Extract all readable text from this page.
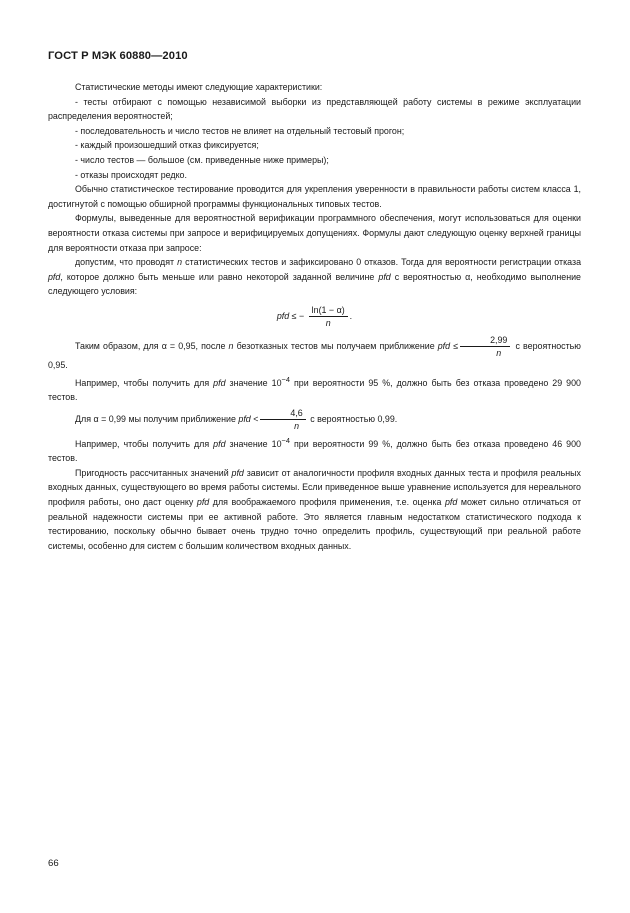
ГОСТ Р МЭК 60880—2010

Статистические методы имеют следующие характеристики:

- тесты отбирают с помощью независимой выборки из представляющей работу системы в режиме эксплуатации распределения вероятностей;

- последовательность и число тестов не влияет на отдельный тестовый прогон;

- каждый произошедший отказ фиксируется;

- число тестов — большое (см. приведенные ниже примеры);

- отказы происходят редко.

Обычно статистическое тестирование проводится для укрепления уверенности в правильности работы систем класса 1, достигнутой с помощью обширной программы функциональных типовых тестов.

Формулы, выведенные для вероятностной верификации программного обеспечения, могут использоваться для оценки вероятности отказа системы при запросе и верифицируемых допущениях. Формулы дают следующую оценку верхней границы для вероятности отказа при запросе:

допустим, что проводят n статистических тестов и зафиксировано 0 отказов. Тогда для вероятности регистрации отказа pfd, которое должно быть меньше или равно некоторой заданной величине pfd с вероятностью α, необходимо выполнение следующего условия:

pfd ≤ − $\frac{\ln(1 - \alpha)}{n}$ .

Таким образом, для α = 0,95, после n безотказных тестов мы получаем приближение pfd ≤ $\frac{2,99}{n}$ с вероятностью 0,95.

Например, чтобы получить для pfd значение $10^{-4}$ при вероятности 95 %, должно быть без отказа проведено 29 900 тестов.

Для α = 0,99 мы получим приближение pfd < $\frac{4,6}{n}$ с вероятностью 0,99.

Например, чтобы получить для pfd значение $10^{-4}$ при вероятности 99 %, должно быть без отказа проведено 46 900 тестов.

Пригодность рассчитанных значений pfd зависит от аналогичности профиля входных данных теста и профиля реальных входных данных, существующего во время работы системы. Если приведенное выше уравнение используется для нереального профиля работы, оно даст оценку pfd для воображаемого профиля применения, т.е. оценка pfd может сильно отличаться от реальной надежности системы при ее активной работе. Это является главным недостатком статистического подхода к тестированию, поскольку обычно бывает очень трудно точно определить профиль, существующий при реальной работе системы, особенно для систем с большим количеством входных данных.

66
